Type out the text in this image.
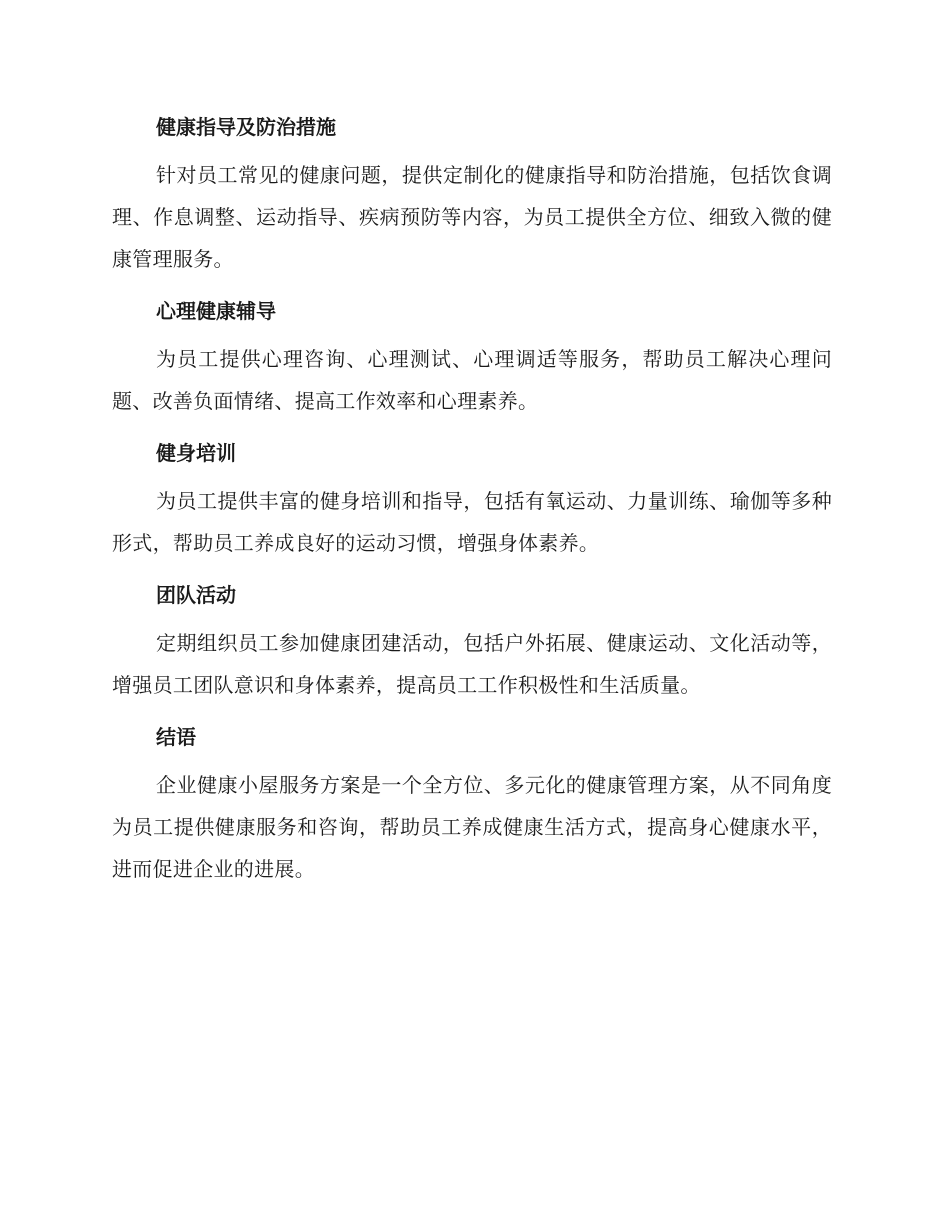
健康指导及防治措施

针对员工常见的健康问题，提供定制化的健康指导和防治措施，包括饮食调理、作息调整、运动指导、疾病预防等内容，为员工提供全方位、细致入微的健康管理服务。

心理健康辅导

为员工提供心理咨询、心理测试、心理调适等服务，帮助员工解决心理问题、改善负面情绪、提高工作效率和心理素养。

健身培训

为员工提供丰富的健身培训和指导，包括有氧运动、力量训练、瑜伽等多种形式，帮助员工养成良好的运动习惯，增强身体素养。

团队活动

定期组织员工参加健康团建活动，包括户外拓展、健康运动、文化活动等，增强员工团队意识和身体素养，提高员工工作积极性和生活质量。

结语

企业健康小屋服务方案是一个全方位、多元化的健康管理方案，从不同角度为员工提供健康服务和咨询，帮助员工养成健康生活方式，提高身心健康水平，进而促进企业的进展。
